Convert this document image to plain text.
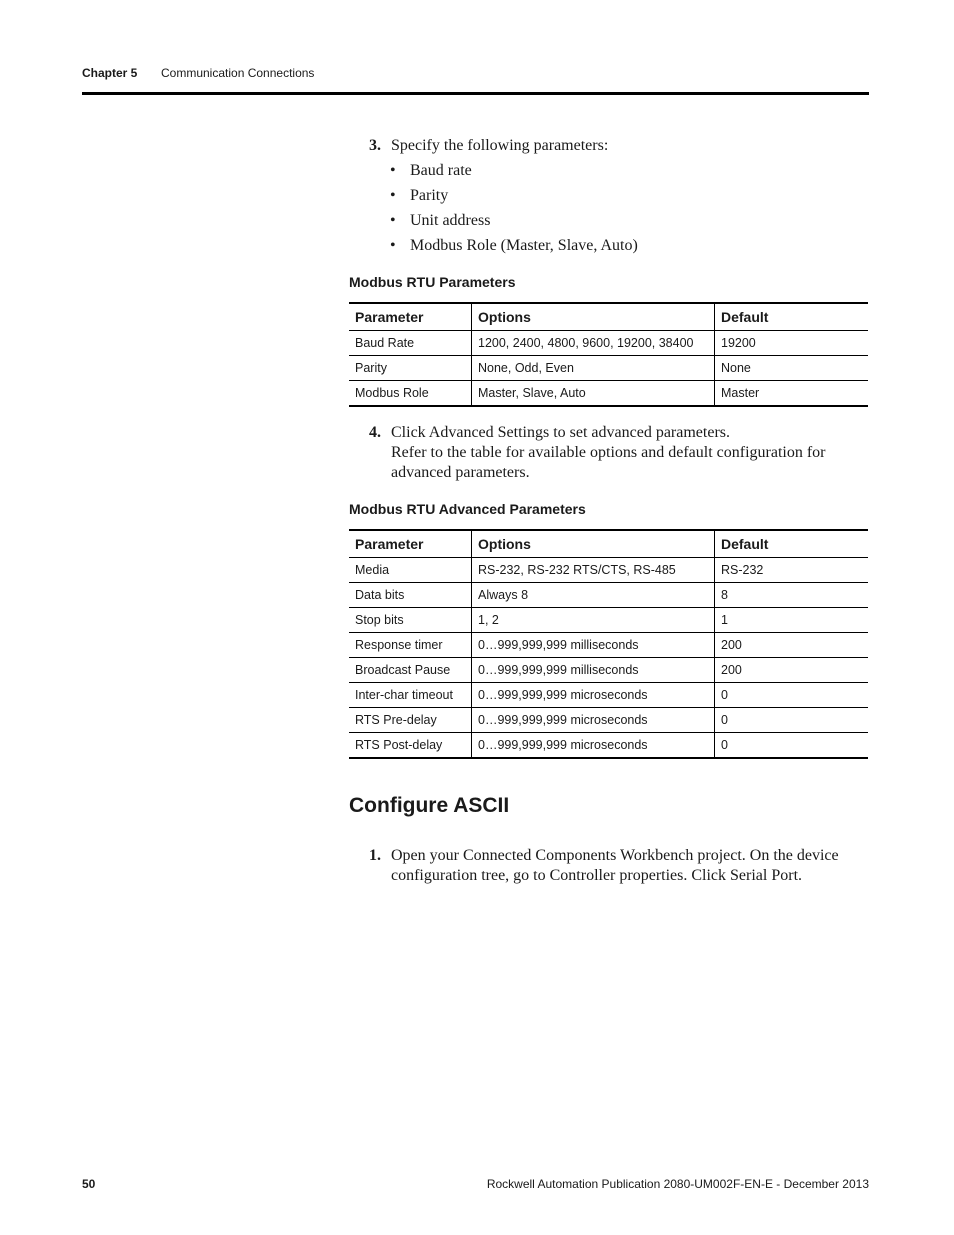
Chapter 5 Communication Connections
3. Specify the following parameters:
• Baud rate
• Parity
• Unit address
• Modbus Role (Master, Slave, Auto)
Modbus RTU Parameters
Parameter	Options	Default
Baud Rate	1200, 2400, 4800, 9600, 19200, 38400	19200
Parity	None, Odd, Even	None
Modbus Role	Master, Slave, Auto	Master
4. Click Advanced Settings to set advanced parameters.
Refer to the table for available options and default configuration for advanced parameters.
Modbus RTU Advanced Parameters
Parameter	Options	Default
Media	RS-232, RS-232 RTS/CTS, RS-485	RS-232
Data bits	Always 8	8
Stop bits	1, 2	1
Response timer	0…999,999,999 milliseconds	200
Broadcast Pause	0…999,999,999 milliseconds	200
Inter-char timeout	0…999,999,999 microseconds	0
RTS Pre-delay	0…999,999,999 microseconds	0
RTS Post-delay	0…999,999,999 microseconds	0
Configure ASCII
1. Open your Connected Components Workbench project. On the device configuration tree, go to Controller properties. Click Serial Port.
50	Rockwell Automation Publication 2080-UM002F-EN-E - December 2013
